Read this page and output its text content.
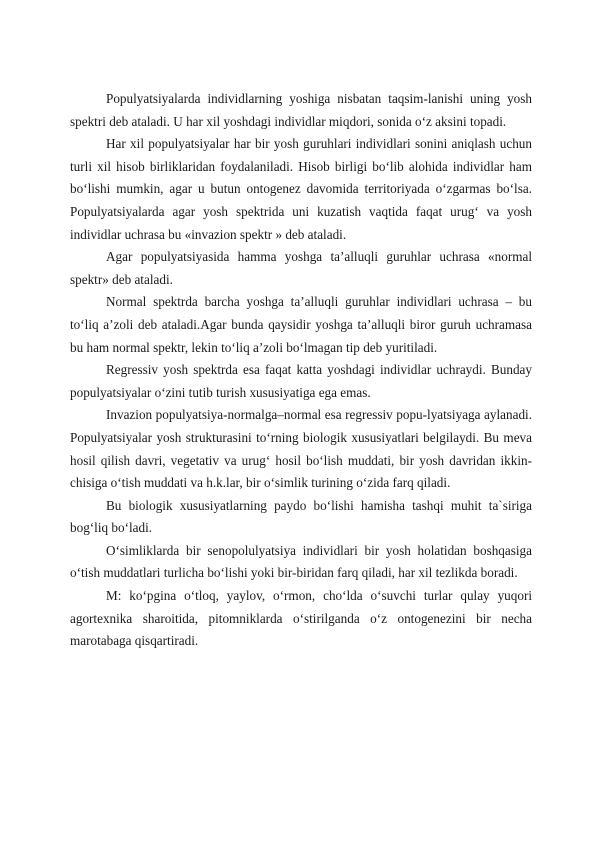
Populyatsiyalarda individlarning yoshiga nisbatan taqsim-lanishi uning yosh spektri deb ataladi. U har xil yoshdagi individlar miqdori, sonida o‘z aksini topadi.

Har xil populyatsiyalar har bir yosh guruhlari individlari sonini aniqlash uchun turli xil hisob birliklaridan foydalaniladi. Hisob birligi bo‘lib alohida individlar ham bo‘lishi mumkin, agar u butun ontogenez davomida territoriyada o‘zgarmas bo‘lsa. Populyatsiyalarda agar yosh spektrida uni kuzatish vaqtida faqat urug‘ va yosh individlar uchrasa bu «invazion spektr » deb ataladi.

Agar populyatsiyasida hamma yoshga ta’alluqli guruhlar uchrasa «normal spektr» deb ataladi.

Normal spektrda barcha yoshga ta’alluqli guruhlar individlari uchrasa – bu to‘liq a’zoli deb ataladi.Agar bunda qaysidir yoshga ta’alluqli biror guruh uchramasa bu ham normal spektr, lekin to‘liq a’zoli bo‘lmagan tip deb yuritiladi.

Regressiv yosh spektrda esa faqat katta yoshdagi individlar uchraydi. Bunday populyatsiyalar o‘zini tutib turish xususiyatiga ega emas.

Invazion populyatsiya-normalga–normal esa regressiv popu-lyatsiyaga aylanadi. Populyatsiyalar yosh strukturasini to‘rning biologik xususiyatlari belgilaydi. Bu meva hosil qilish davri, vegetativ va urug‘ hosil bo‘lish muddati, bir yosh davridan ikkin-chisiga o‘tish muddati va h.k.lar, bir o‘simlik turining o‘zida farq qiladi.

Bu biologik xususiyatlarning paydo bo‘lishi hamisha tashqi muhit ta`siriga bog‘liq bo‘ladi.

O‘simliklarda bir senopolulyatsiya individlari bir yosh holatidan boshqasiga o‘tish muddatlari turlicha bo‘lishi yoki bir-biridan farq qiladi, har xil tezlikda boradi.

M: ko‘pgina o‘tloq, yaylov, o‘rmon, cho‘lda o‘suvchi turlar qulay yuqori agortexnika sharoitida, pitomniklarda o‘stirilganda o‘z ontogenezini bir necha marotabaga qisqartiradi.
